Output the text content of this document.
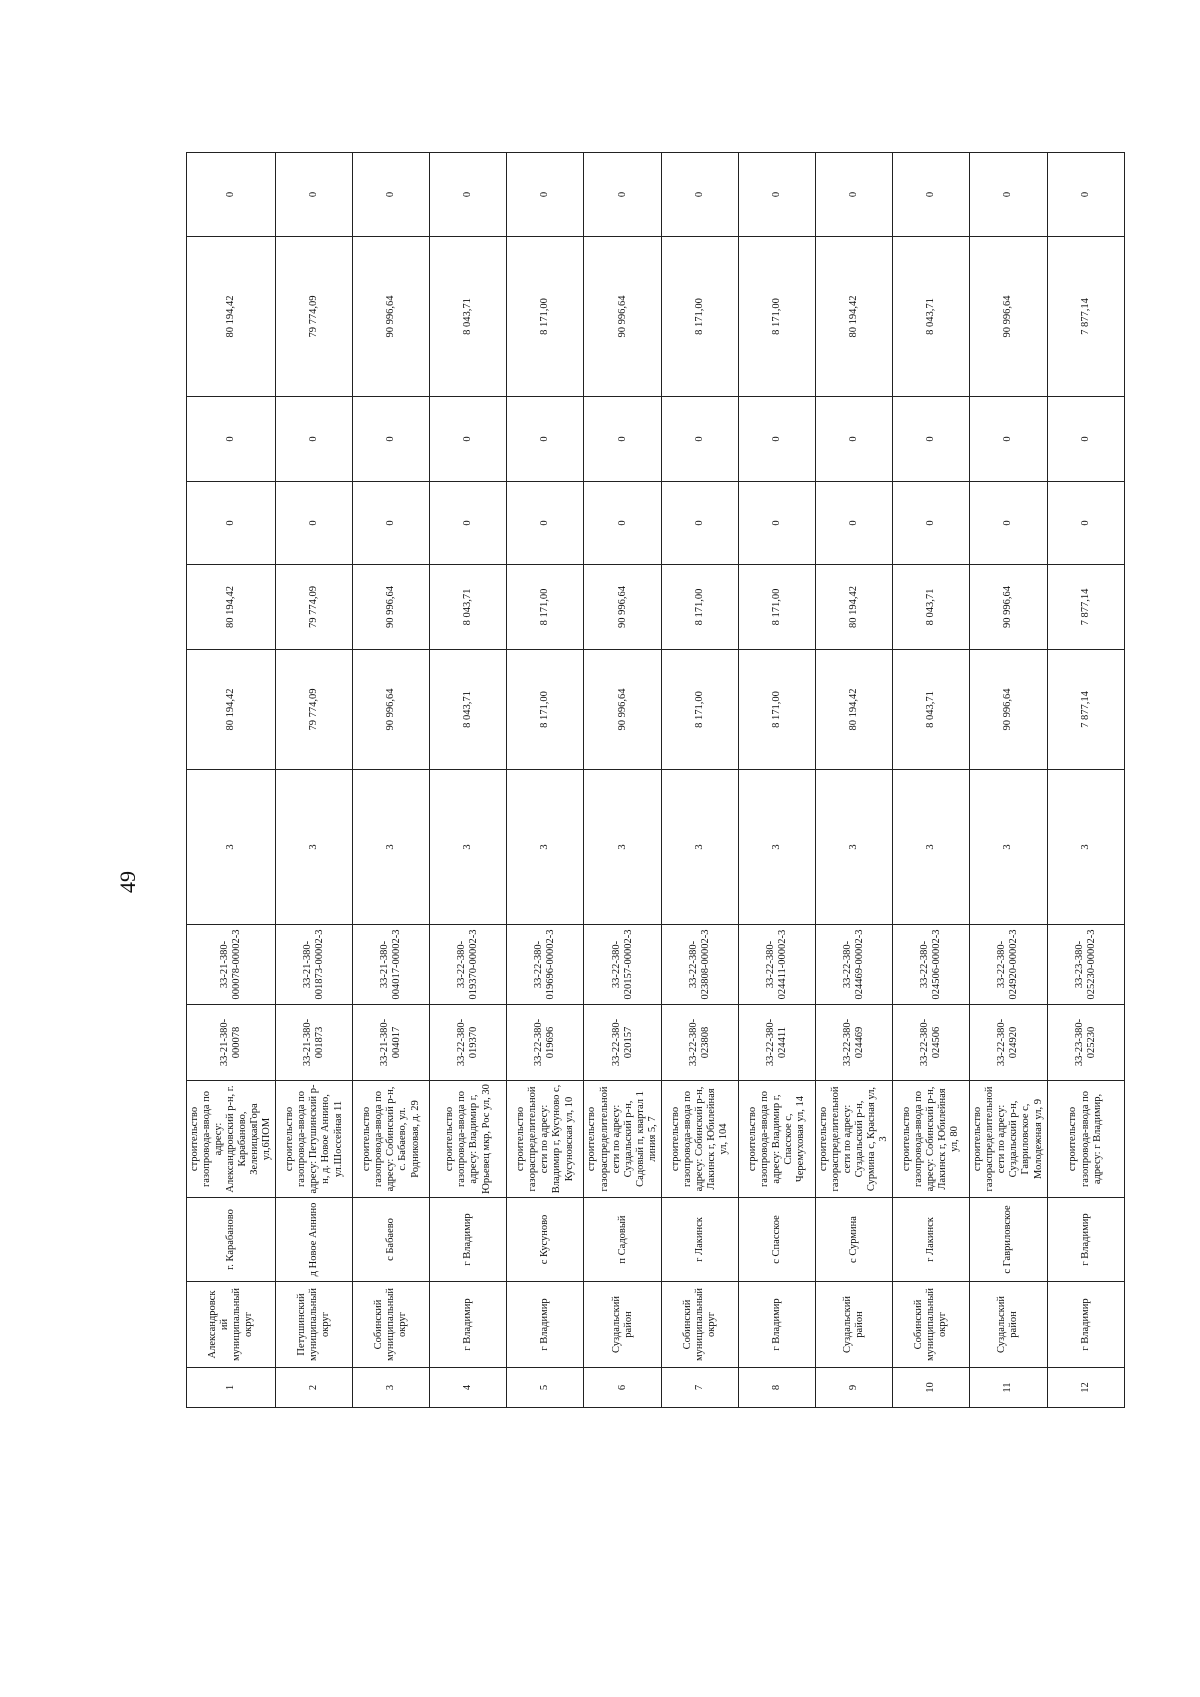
49
1	Александровск ий муниципальный округ	г. Карабаново	строительство газопровода-ввода по адресу: Александровский р-н, г. Карабаново, ЗеленицкаяГора ул,6ПОМ	33-21-380-000078	33-21-380-000078-00002-3	3	80 194,42	80 194,42	0	0	80 194,42	0
2	Петушинский муниципальный округ	д Новое Аннино	строительство газопровода-ввода по адресу: Петушинский р-н, д. Новое Аннино, ул.Шоссейная 11	33-21-380-001873	33-21-380-001873-00002-3	3	79 774,09	79 774,09	0	0	79 774,09	0
3	Собинский муниципальный округ	с Бабаево	строительство газопровода-ввода по адресу: Собинский р-н, с. Бабаево, ул. Родниковая, д. 29	33-21-380-004017	33-21-380-004017-00002-3	3	90 996,64	90 996,64	0	0	90 996,64	0
4	г Владимир	г Владимир	строительство газопровода-ввода по адресу: Владимир г, Юрьевец мкр, Рос ул, 30	33-22-380-019370	33-22-380-019370-00002-3	3	8 043,71	8 043,71	0	0	8 043,71	0
5	г Владимир	с Кусуново	строительство газораспределительной сети по адресу: Владимир г, Кусуново с, Кусуновская ул, 10	33-22-380-019696	33-22-380-019696-00002-3	3	8 171,00	8 171,00	0	0	8 171,00	0
6	Суздальский район	п Садовый	строительство газораспределительной сети по адресу: Суздальский р-н, Садовый п, квартал 1 линия 5, 7	33-22-380-020157	33-22-380-020157-00002-3	3	90 996,64	90 996,64	0	0	90 996,64	0
7	Собинский муниципальный округ	г Лакинск	строительство газопровода-ввода по адресу: Собинский р-н, Лакинск г, Юбилейная ул, 104	33-22-380-023808	33-22-380-023808-00002-3	3	8 171,00	8 171,00	0	0	8 171,00	0
8	г Владимир	с Спасское	строительство газопровода-ввода по адресу: Владимир г, Спасское с, Черемуховая ул, 14	33-22-380-024411	33-22-380-024411-00002-3	3	8 171,00	8 171,00	0	0	8 171,00	0
9	Суздальский район	с Сурмина	строительство газораспределительной сети по адресу: Суздальский р-н, Сурмина с, Красная ул, 3	33-22-380-024469	33-22-380-024469-00002-3	3	80 194,42	80 194,42	0	0	80 194,42	0
10	Собинский муниципальный округ	г Лакинск	строительство газопровода-ввода по адресу: Собинский р-н, Лакинск г, Юбилейная ул, 80	33-22-380-024506	33-22-380-024506-00002-3	3	8 043,71	8 043,71	0	0	8 043,71	0
11	Суздальский район	с Гавриловское	строительство газораспределительной сети по адресу: Суздальский р-н, Гавриловское с, Молодежная ул, 9	33-22-380-024920	33-22-380-024920-00002-3	3	90 996,64	90 996,64	0	0	90 996,64	0
12	г Владимир	г Владимир	строительство газопровода-ввода по адресу: г Владимир,	33-23-380-025230	33-23-380-025230-00002-3	3	7 877,14	7 877,14	0	0	7 877,14	0
